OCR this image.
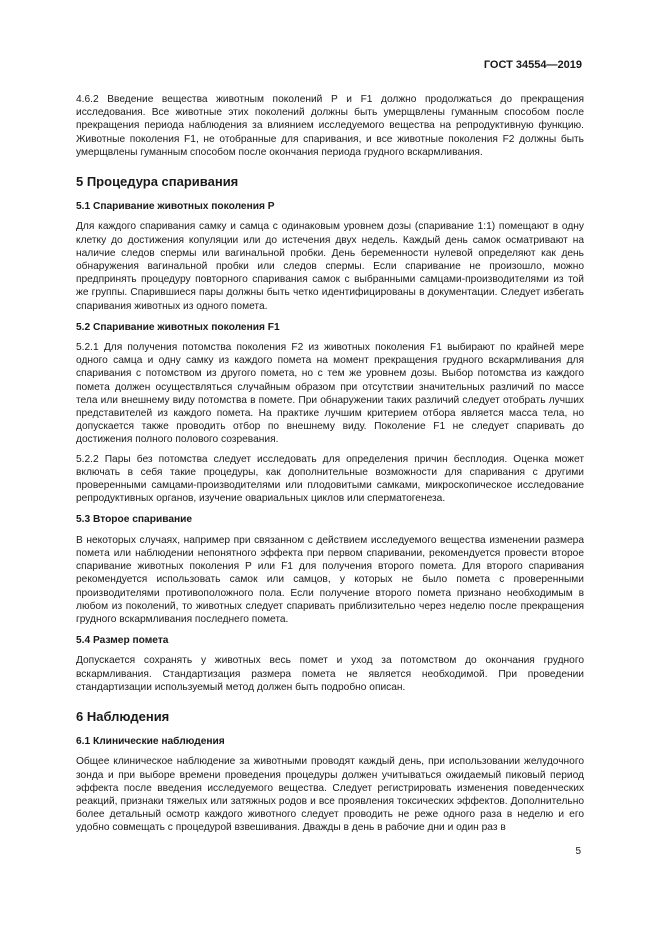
ГОСТ 34554—2019

4.6.2 Введение вещества животным поколений Р и F1 должно продолжаться до прекращения исследования. Все животные этих поколений должны быть умерщвлены гуманным способом после прекращения периода наблюдения за влиянием исследуемого вещества на репродуктивную функцию. Животные поколения F1, не отобранные для спаривания, и все животные поколения F2 должны быть умерщвлены гуманным способом после окончания периода грудного вскармливания.

5 Процедура спаривания
5.1 Спаривание животных поколения Р

Для каждого спаривания самку и самца с одинаковым уровнем дозы (спаривание 1:1) помещают в одну клетку до достижения копуляции или до истечения двух недель. Каждый день самок осматривают на наличие следов спермы или вагинальной пробки. День беременности нулевой определяют как день обнаружения вагинальной пробки или следов спермы. Если спаривание не произошло, можно предпринять процедуру повторного спаривания самок с выбранными самцами-производителями из той же группы. Спарившиеся пары должны быть четко идентифицированы в документации. Следует избегать спаривания животных из одного помета.

5.2 Спаривание животных поколения F1

5.2.1 Для получения потомства поколения F2 из животных поколения F1 выбирают по крайней мере одного самца и одну самку из каждого помета на момент прекращения грудного вскармливания для спаривания с потомством из другого помета, но с тем же уровнем дозы. Выбор потомства из каждого помета должен осуществляться случайным образом при отсутствии значительных различий по массе тела или внешнему виду потомства в помете. При обнаружении таких различий следует отобрать лучших представителей из каждого помета. На практике лучшим критерием отбора является масса тела, но допускается также проводить отбор по внешнему виду. Поколение F1 не следует спаривать до достижения полного полового созревания.

5.2.2 Пары без потомства следует исследовать для определения причин бесплодия. Оценка может включать в себя такие процедуры, как дополнительные возможности для спаривания с другими проверенными самцами-производителями или плодовитыми самками, микроскопическое исследование репродуктивных органов, изучение овариальных циклов или сперматогенеза.

5.3 Второе спаривание

В некоторых случаях, например при связанном с действием исследуемого вещества изменении размера помета или наблюдении непонятного эффекта при первом спаривании, рекомендуется провести второе спаривание животных поколения Р или F1 для получения второго помета. Для второго спаривания рекомендуется использовать самок или самцов, у которых не было помета с проверенными производителями противоположного пола. Если получение второго помета признано необходимым в любом из поколений, то животных следует спаривать приблизительно через неделю после прекращения грудного вскармливания последнего помета.

5.4 Размер помета

Допускается сохранять у животных весь помет и уход за потомством до окончания грудного вскармливания. Стандартизация размера помета не является необходимой. При проведении стандартизации используемый метод должен быть подробно описан.

6 Наблюдения
6.1 Клинические наблюдения

Общее клиническое наблюдение за животными проводят каждый день, при использовании желудочного зонда и при выборе времени проведения процедуры должен учитываться ожидаемый пиковый период эффекта после введения исследуемого вещества. Следует регистрировать изменения поведенческих реакций, признаки тяжелых или затяжных родов и все проявления токсических эффектов. Дополнительно более детальный осмотр каждого животного следует проводить не реже одного раза в неделю и его удобно совмещать с процедурой взвешивания. Дважды в день в рабочие дни и один раз в

5
